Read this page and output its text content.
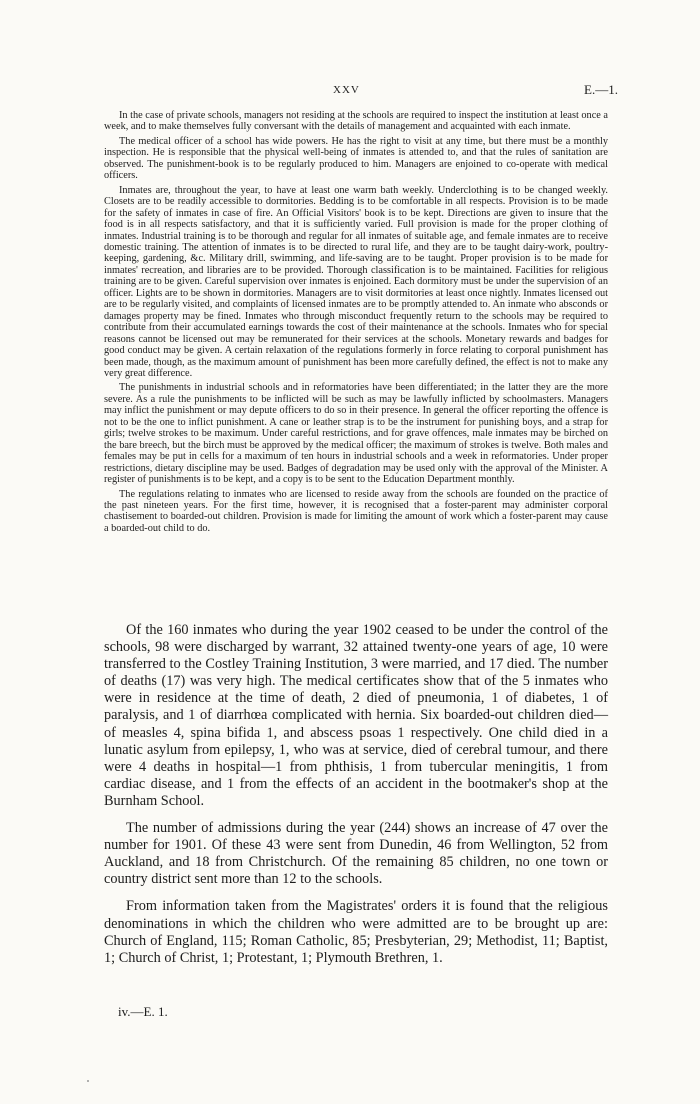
XXV	E.—1.

In the case of private schools, managers not residing at the schools are required to inspect the institution at least once a week, and to make themselves fully conversant with the details of management and acquainted with each inmate.

The medical officer of a school has wide powers. He has the right to visit at any time, but there must be a monthly inspection. He is responsible that the physical well-being of inmates is attended to, and that the rules of sanitation are observed. The punishment-book is to be regularly produced to him. Managers are enjoined to co-operate with medical officers.

Inmates are, throughout the year, to have at least one warm bath weekly. Underclothing is to be changed weekly. Closets are to be readily accessible to dormitories. Bedding is to be comfortable in all respects. Provision is to be made for the safety of inmates in case of fire. An Official Visitors' book is to be kept. Directions are given to insure that the food is in all respects satisfactory, and that it is sufficiently varied. Full provision is made for the proper clothing of inmates. Industrial training is to be thorough and regular for all inmates of suitable age, and female inmates are to receive domestic training. The attention of inmates is to be directed to rural life, and they are to be taught dairy-work, poultry-keeping, gardening, &c. Military drill, swimming, and life-saving are to be taught. Proper provision is to be made for inmates' recreation, and libraries are to be provided. Thorough classification is to be maintained. Facilities for religious training are to be given. Careful supervision over inmates is enjoined. Each dormitory must be under the supervision of an officer. Lights are to be shown in dormitories. Managers are to visit dormitories at least once nightly. Inmates licensed out are to be regularly visited, and complaints of licensed inmates are to be promptly attended to. An inmate who absconds or damages property may be fined. Inmates who through misconduct frequently return to the schools may be required to contribute from their accumulated earnings towards the cost of their maintenance at the schools. Inmates who for special reasons cannot be licensed out may be remunerated for their services at the schools. Monetary rewards and badges for good conduct may be given. A certain relaxation of the regulations formerly in force relating to corporal punishment has been made, though, as the maximum amount of punishment has been more carefully defined, the effect is not to make any very great difference.

The punishments in industrial schools and in reformatories have been differentiated; in the latter they are the more severe. As a rule the punishments to be inflicted will be such as may be lawfully inflicted by schoolmasters. Managers may inflict the punishment or may depute officers to do so in their presence. In general the officer reporting the offence is not to be the one to inflict punishment. A cane or leather strap is to be the instrument for punishing boys, and a strap for girls; twelve strokes to be maximum. Under careful restrictions, and for grave offences, male inmates may be birched on the bare breech, but the birch must be approved by the medical officer; the maximum of strokes is twelve. Both males and females may be put in cells for a maximum of ten hours in industrial schools and a week in reformatories. Under proper restrictions, dietary discipline may be used. Badges of degradation may be used only with the approval of the Minister. A register of punishments is to be kept, and a copy is to be sent to the Education Department monthly.

The regulations relating to inmates who are licensed to reside away from the schools are founded on the practice of the past nineteen years. For the first time, however, it is recognised that a foster-parent may administer corporal chastisement to boarded-out children. Provision is made for limiting the amount of work which a foster-parent may cause a boarded-out child to do.

Of the 160 inmates who during the year 1902 ceased to be under the control of the schools, 98 were discharged by warrant, 32 attained twenty-one years of age, 10 were transferred to the Costley Training Institution, 3 were married, and 17 died. The number of deaths (17) was very high. The medical certificates show that of the 5 inmates who were in residence at the time of death, 2 died of pneumonia, 1 of diabetes, 1 of paralysis, and 1 of diarrhœa complicated with hernia. Six boarded-out children died—of measles 4, spina bifida 1, and abscess psoas 1 respectively. One child died in a lunatic asylum from epilepsy, 1, who was at service, died of cerebral tumour, and there were 4 deaths in hospital—1 from phthisis, 1 from tubercular meningitis, 1 from cardiac disease, and 1 from the effects of an accident in the bootmaker's shop at the Burnham School.

The number of admissions during the year (244) shows an increase of 47 over the number for 1901. Of these 43 were sent from Dunedin, 46 from Wellington, 52 from Auckland, and 18 from Christchurch. Of the remaining 85 children, no one town or country district sent more than 12 to the schools.

From information taken from the Magistrates' orders it is found that the religious denominations in which the children who were admitted are to be brought up are: Church of England, 115; Roman Catholic, 85; Presbyterian, 29; Methodist, 11; Baptist, 1; Church of Christ, 1; Protestant, 1; Plymouth Brethren, 1.

iv.—E. 1.
